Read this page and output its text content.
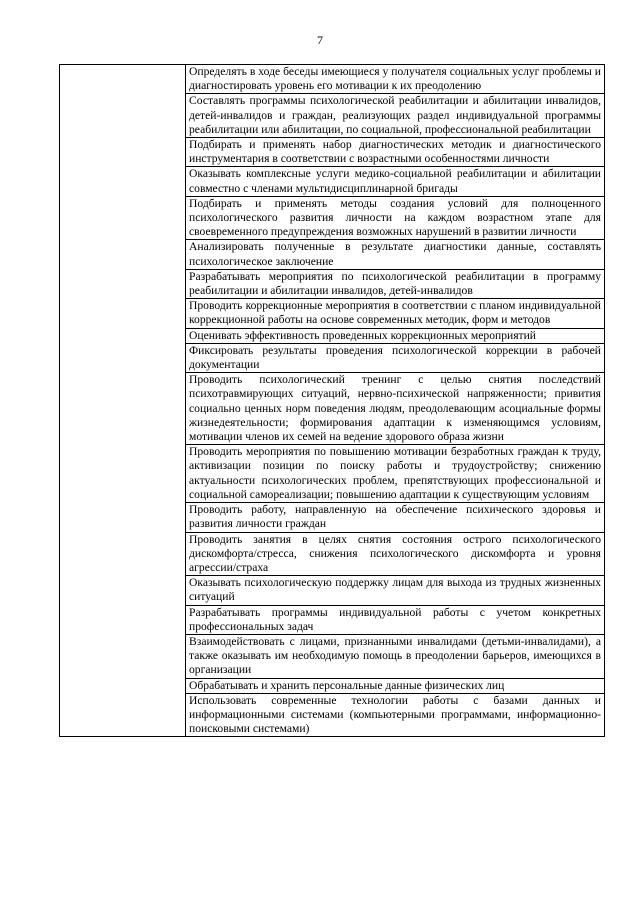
7

Определять в ходе беседы имеющиеся у получателя социальных услуг проблемы и диагностировать уровень его мотивации к их преодолению

Составлять программы психологической реабилитации и абилитации инвалидов, детей-инвалидов и граждан, реализующих раздел индивидуальной программы реабилитации или абилитации, по социальной, профессиональной реабилитации

Подбирать и применять набор диагностических методик и диагностического инструментария в соответствии с возрастными особенностями личности

Оказывать комплексные услуги медико-социальной реабилитации и абилитации совместно с членами мультидисциплинарной бригады

Подбирать и применять методы создания условий для полноценного психологического развития личности на каждом возрастном этапе для своевременного предупреждения возможных нарушений в развитии личности

Анализировать полученные в результате диагностики данные, составлять психологическое заключение

Разрабатывать мероприятия по психологической реабилитации в программу реабилитации и абилитации инвалидов, детей-инвалидов

Проводить коррекционные мероприятия в соответствии с планом индивидуальной коррекционной работы на основе современных методик, форм и методов

Оценивать эффективность проведенных коррекционных мероприятий

Фиксировать результаты проведения психологической коррекции в рабочей документации

Проводить психологический тренинг с целью снятия последствий психотравмирующих ситуаций, нервно-психической напряженности; привития социально ценных норм поведения людям, преодолевающим асоциальные формы жизнедеятельности; формирования адаптации к изменяющимся условиям, мотивации членов их семей на ведение здорового образа жизни

Проводить мероприятия по повышению мотивации безработных граждан к труду, активизации позиции по поиску работы и трудоустройству; снижению актуальности психологических проблем, препятствующих профессиональной и социальной самореализации; повышению адаптации к существующим условиям

Проводить работу, направленную на обеспечение психического здоровья и развития личности граждан

Проводить занятия в целях снятия состояния острого психологического дискомфорта/стресса, снижения психологического дискомфорта и уровня агрессии/страха

Оказывать психологическую поддержку лицам для выхода из трудных жизненных ситуаций

Разрабатывать программы индивидуальной работы с учетом конкретных профессиональных задач

Взаимодействовать с лицами, признанными инвалидами (детьми-инвалидами), а также оказывать им необходимую помощь в преодолении барьеров, имеющихся в организации

Обрабатывать и хранить персональные данные физических лиц

Использовать современные технологии работы с базами данных и информационными системами (компьютерными программами, информационно-поисковыми системами)
